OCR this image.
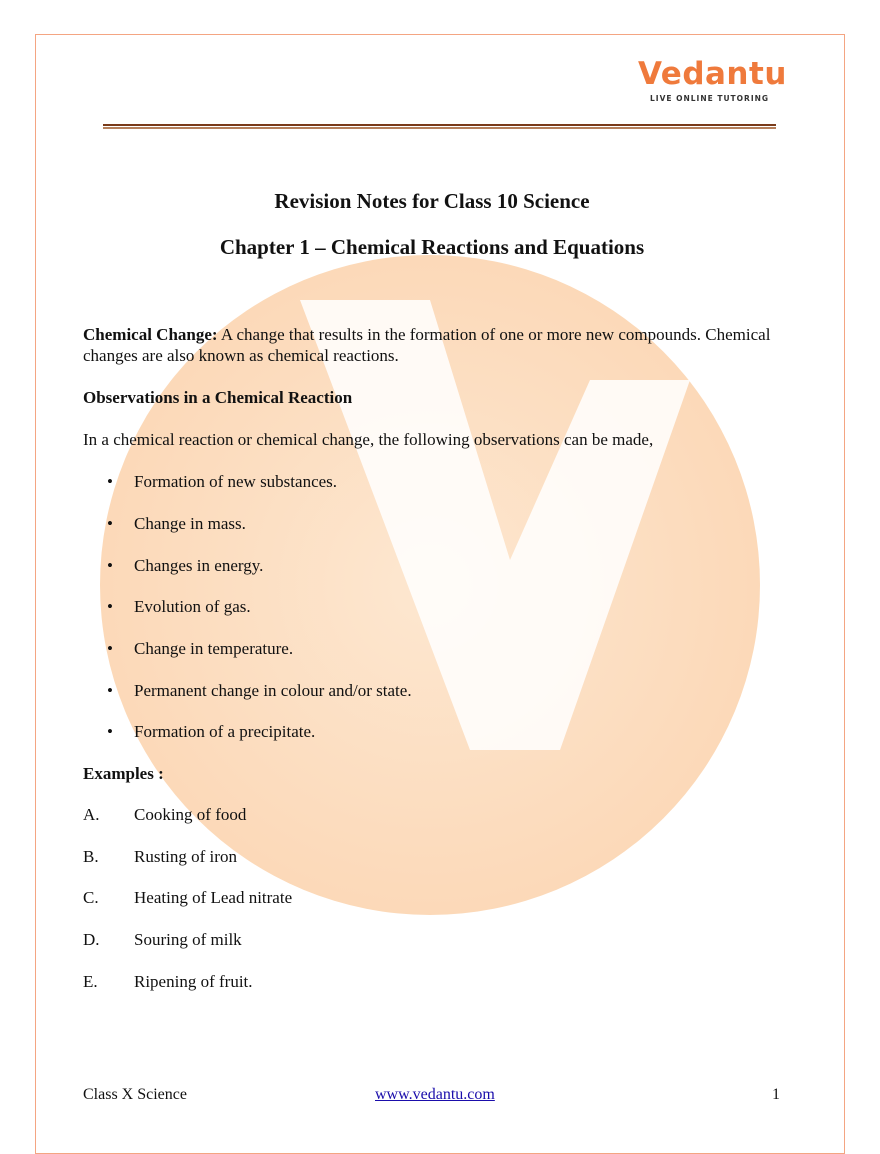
Vedantu
LIVE ONLINE TUTORING
Revision Notes for Class 10 Science
Chapter 1 – Chemical Reactions and Equations
Chemical Change: A change that results in the formation of one or more new compounds. Chemical changes are also known as chemical reactions.
Observations in a Chemical Reaction
In a chemical reaction or chemical change, the following observations can be made,
• Formation of new substances.
• Change in mass.
• Changes in energy.
• Evolution of gas.
• Change in temperature.
• Permanent change in colour and/or state.
• Formation of a precipitate.
Examples :
A. Cooking of food
B. Rusting of iron
C. Heating of Lead nitrate
D. Souring of milk
E. Ripening of fruit.
Class X Science	www.vedantu.com	1
